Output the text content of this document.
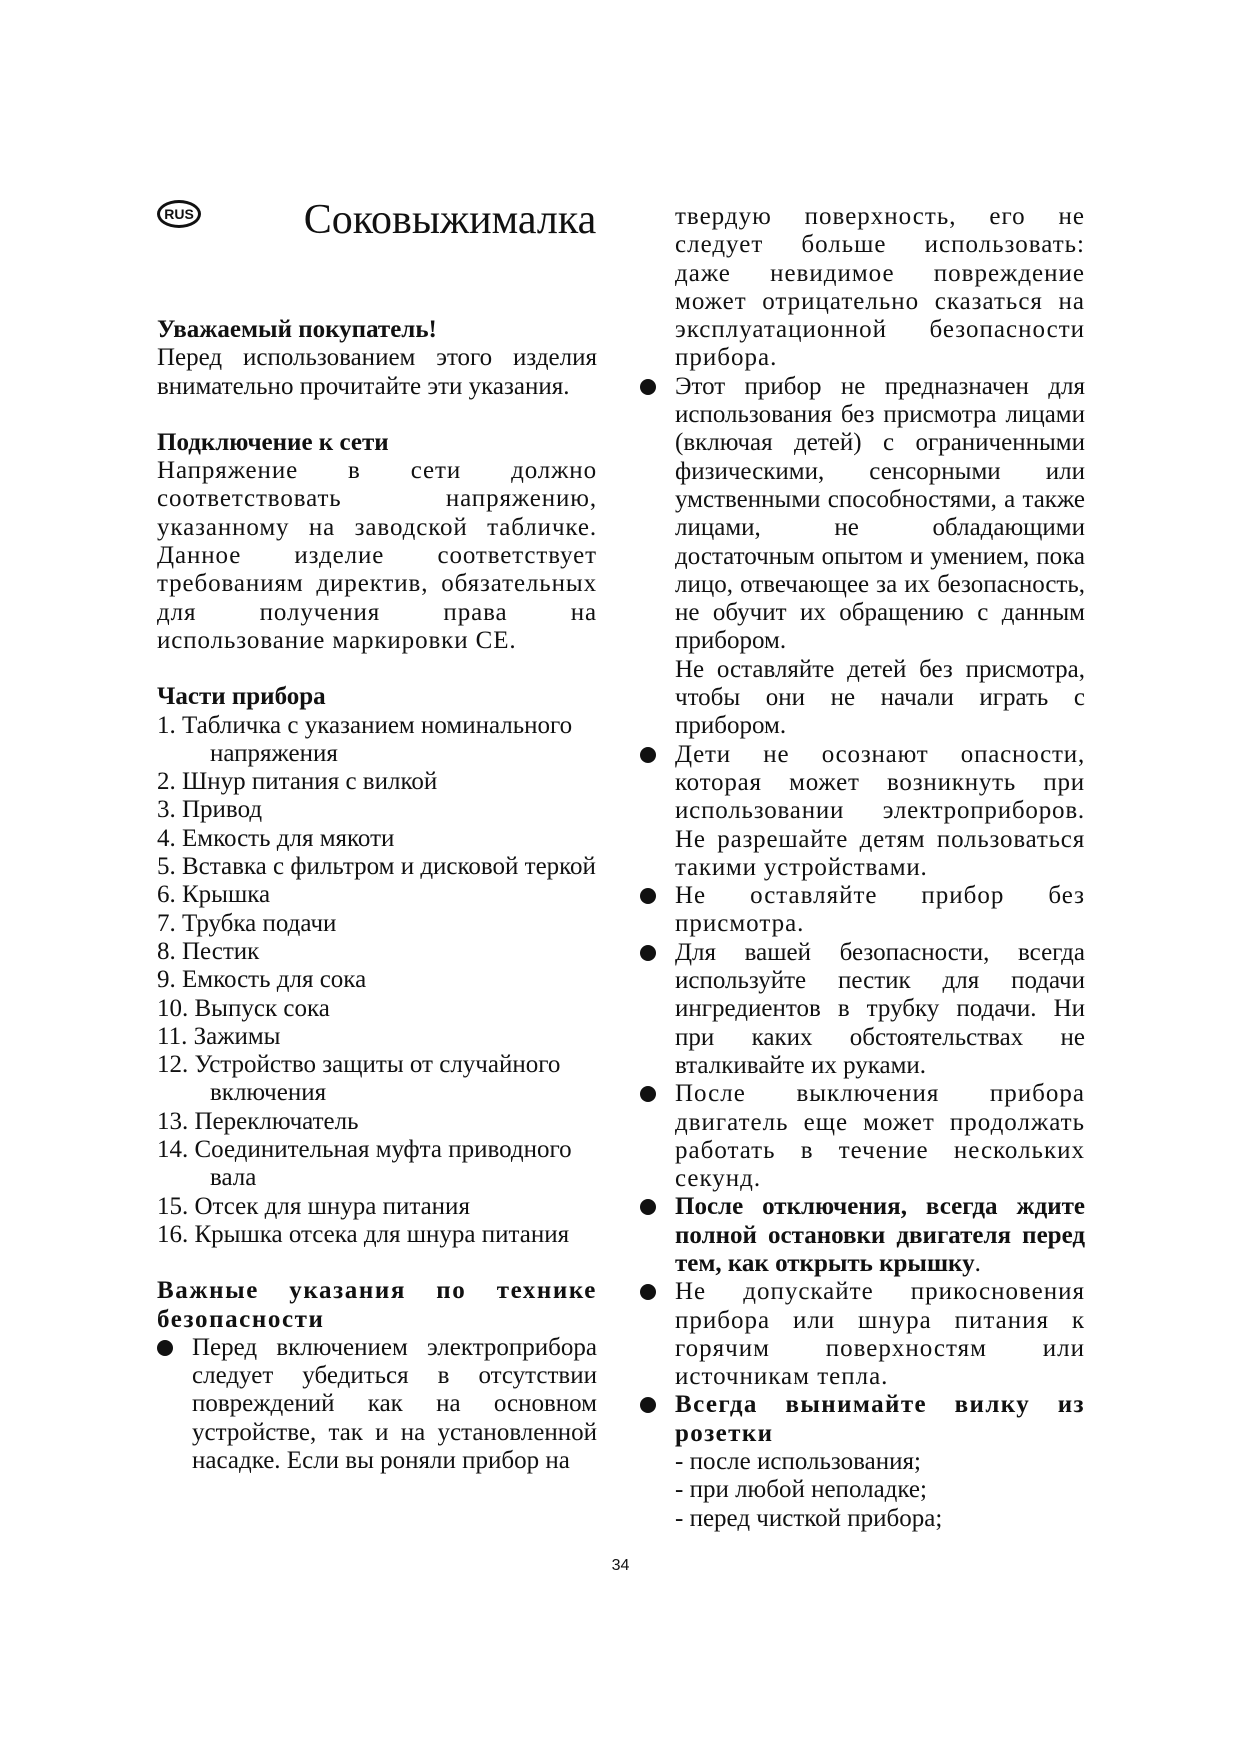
RUS	Соковыжималка
Уважаемый покупатель!
Перед использованием этого изделия внимательно прочитайте эти указания.
Подключение к сети
Напряжение в сети должно соответствовать напряжению, указанному на заводской табличке. Данное изделие соответствует требованиям директив, обязательных для получения права на использование маркировки CE.
Части прибора
1. Табличка с указанием номинального напряжения
2. Шнур питания с вилкой
3. Привод
4. Емкость для мякоти
5. Вставка с фильтром и дисковой теркой
6. Крышка
7. Трубка подачи
8. Пестик
9. Емкость для сока
10. Выпуск сока
11. Зажимы
12. Устройство защиты от случайного включения
13. Переключатель
14. Соединительная муфта приводного вала
15. Отсек для шнура питания
16. Крышка отсека для шнура питания
Важные указания по технике безопасности
Перед включением электроприбора следует убедиться в отсутствии повреждений как на основном устройстве, так и на установленной насадке. Если вы роняли прибор на
твердую поверхность, его не следует больше использовать: даже невидимое повреждение может отрицательно сказаться на эксплуатационной безопасности прибора.
Этот прибор не предназначен для использования без присмотра лицами (включая детей) с ограниченными физическими, сенсорными или умственными способностями, а также лицами, не обладающими достаточным опытом и умением, пока лицо, отвечающее за их безопасность, не обучит их обращению с данным прибором.
Не оставляйте детей без присмотра, чтобы они не начали играть с прибором.
Дети не осознают опасности, которая может возникнуть при использовании электроприборов. Не разрешайте детям пользоваться такими устройствами.
Не оставляйте прибор без присмотра.
Для вашей безопасности, всегда используйте пестик для подачи ингредиентов в трубку подачи. Ни при каких обстоятельствах не вталкивайте их руками.
После выключения прибора двигатель еще может продолжать работать в течение нескольких секунд.
После отключения, всегда ждите полной остановки двигателя перед тем, как открыть крышку.
Не допускайте прикосновения прибора или шнура питания к горячим поверхностям или источникам тепла.
Всегда вынимайте вилку из розетки
- после использования;
- при любой неполадке;
- перед чисткой прибора;
34
